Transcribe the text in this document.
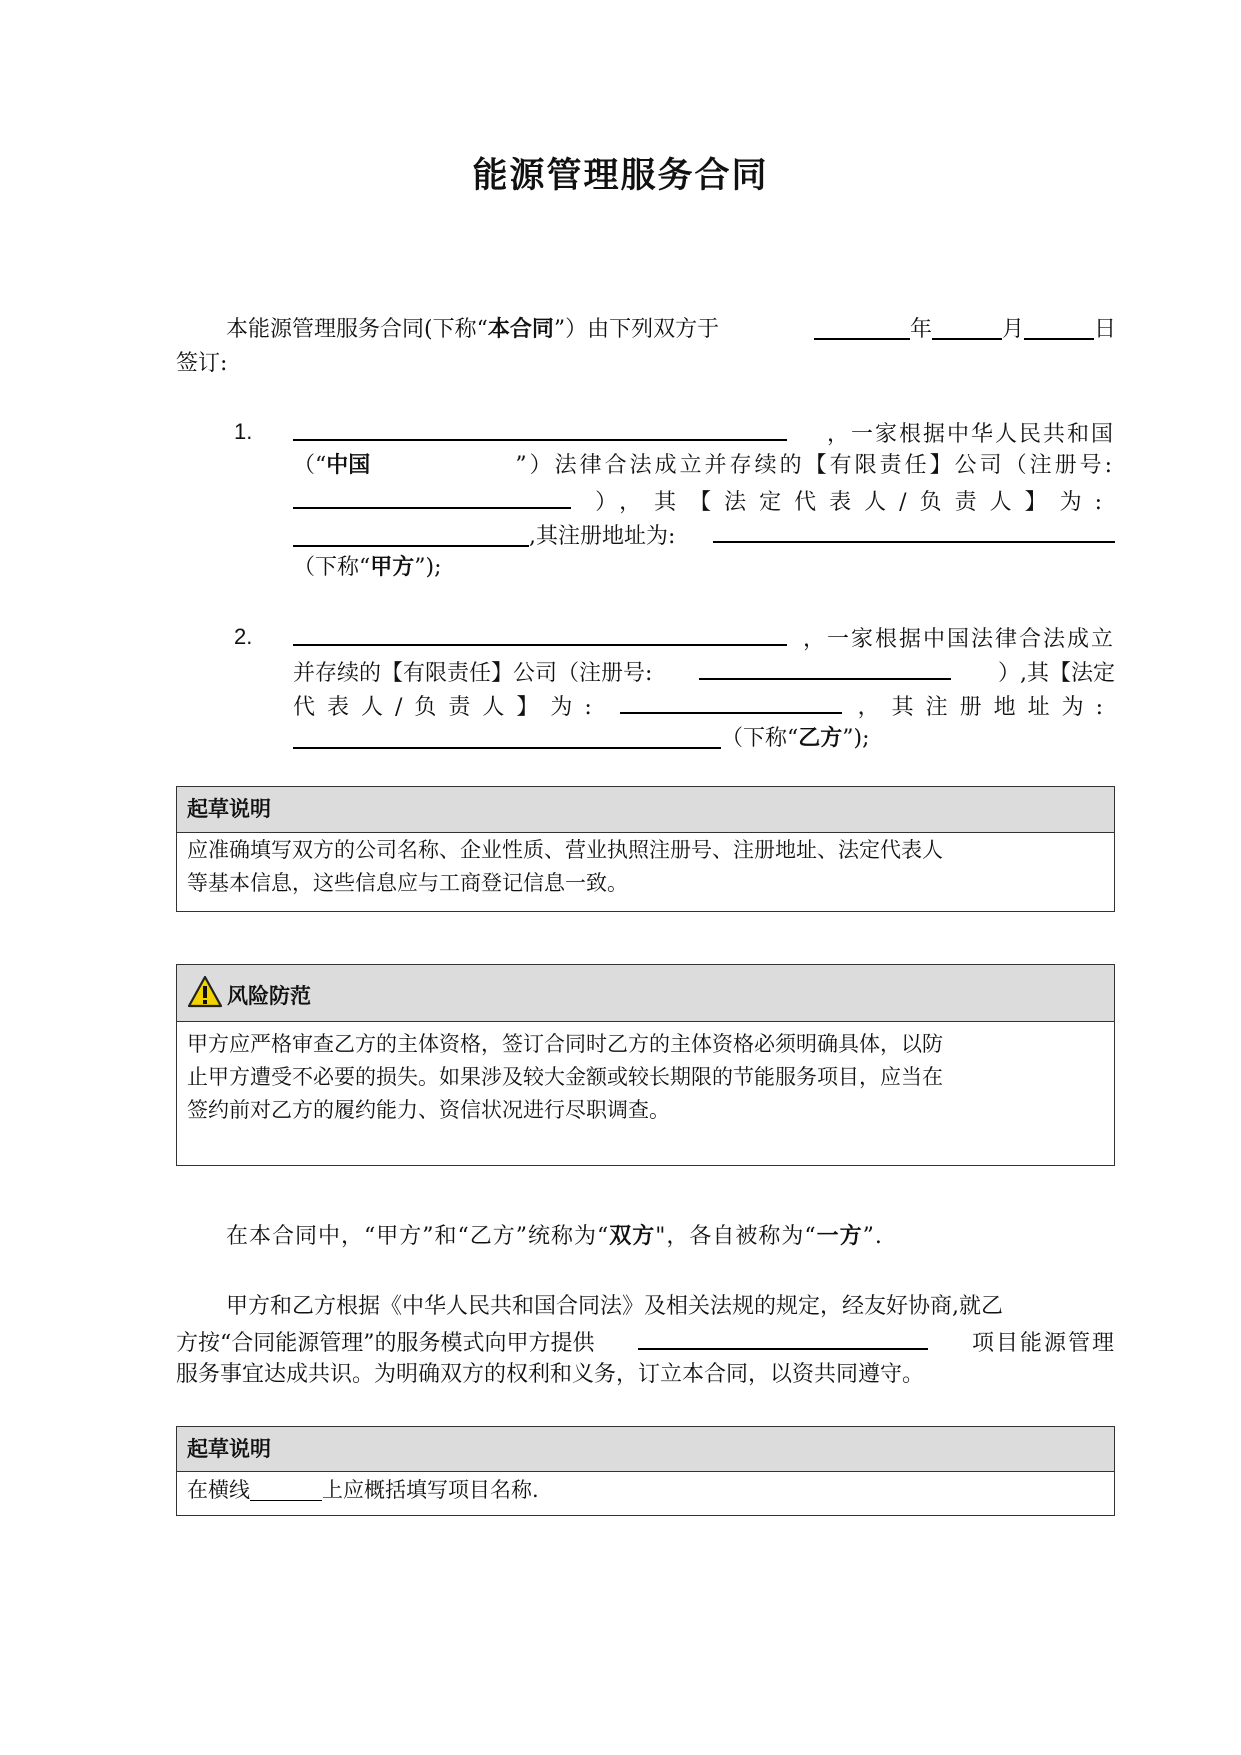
能源管理服务合同
本能源管理服务合同(下称“本合同”）由下列双方于	年	月	日
签订:
1.	，一家根据中华人民共和国
（“中国	”）法律合法成立并存续的【有限责任】公司（注册号:
），其【法定代表人/负责人】为:
,其注册地址为:
（下称“甲方”);
2.	，一家根据中国法律合法成立
并存续的【有限责任】公司（注册号:	）,其【法定
代表人/负责人】为:	，其注册地址为:
（下称“乙方”);
起草说明
应准确填写双方的公司名称、企业性质、营业执照注册号、注册地址、法定代表人
等基本信息，这些信息应与工商登记信息一致。
风险防范
甲方应严格审查乙方的主体资格，签订合同时乙方的主体资格必须明确具体，以防
止甲方遭受不必要的损失。如果涉及较大金额或较长期限的节能服务项目，应当在
签约前对乙方的履约能力、资信状况进行尽职调查。
在本合同中，“甲方”和“乙方”统称为“双方"，各自被称为“一方”.
甲方和乙方根据《中华人民共和国合同法》及相关法规的规定，经友好协商,就乙
方按“合同能源管理”的服务模式向甲方提供	项目能源管理
服务事宜达成共识。为明确双方的权利和义务，订立本合同，以资共同遵守。
起草说明
在横线	上应概括填写项目名称.
